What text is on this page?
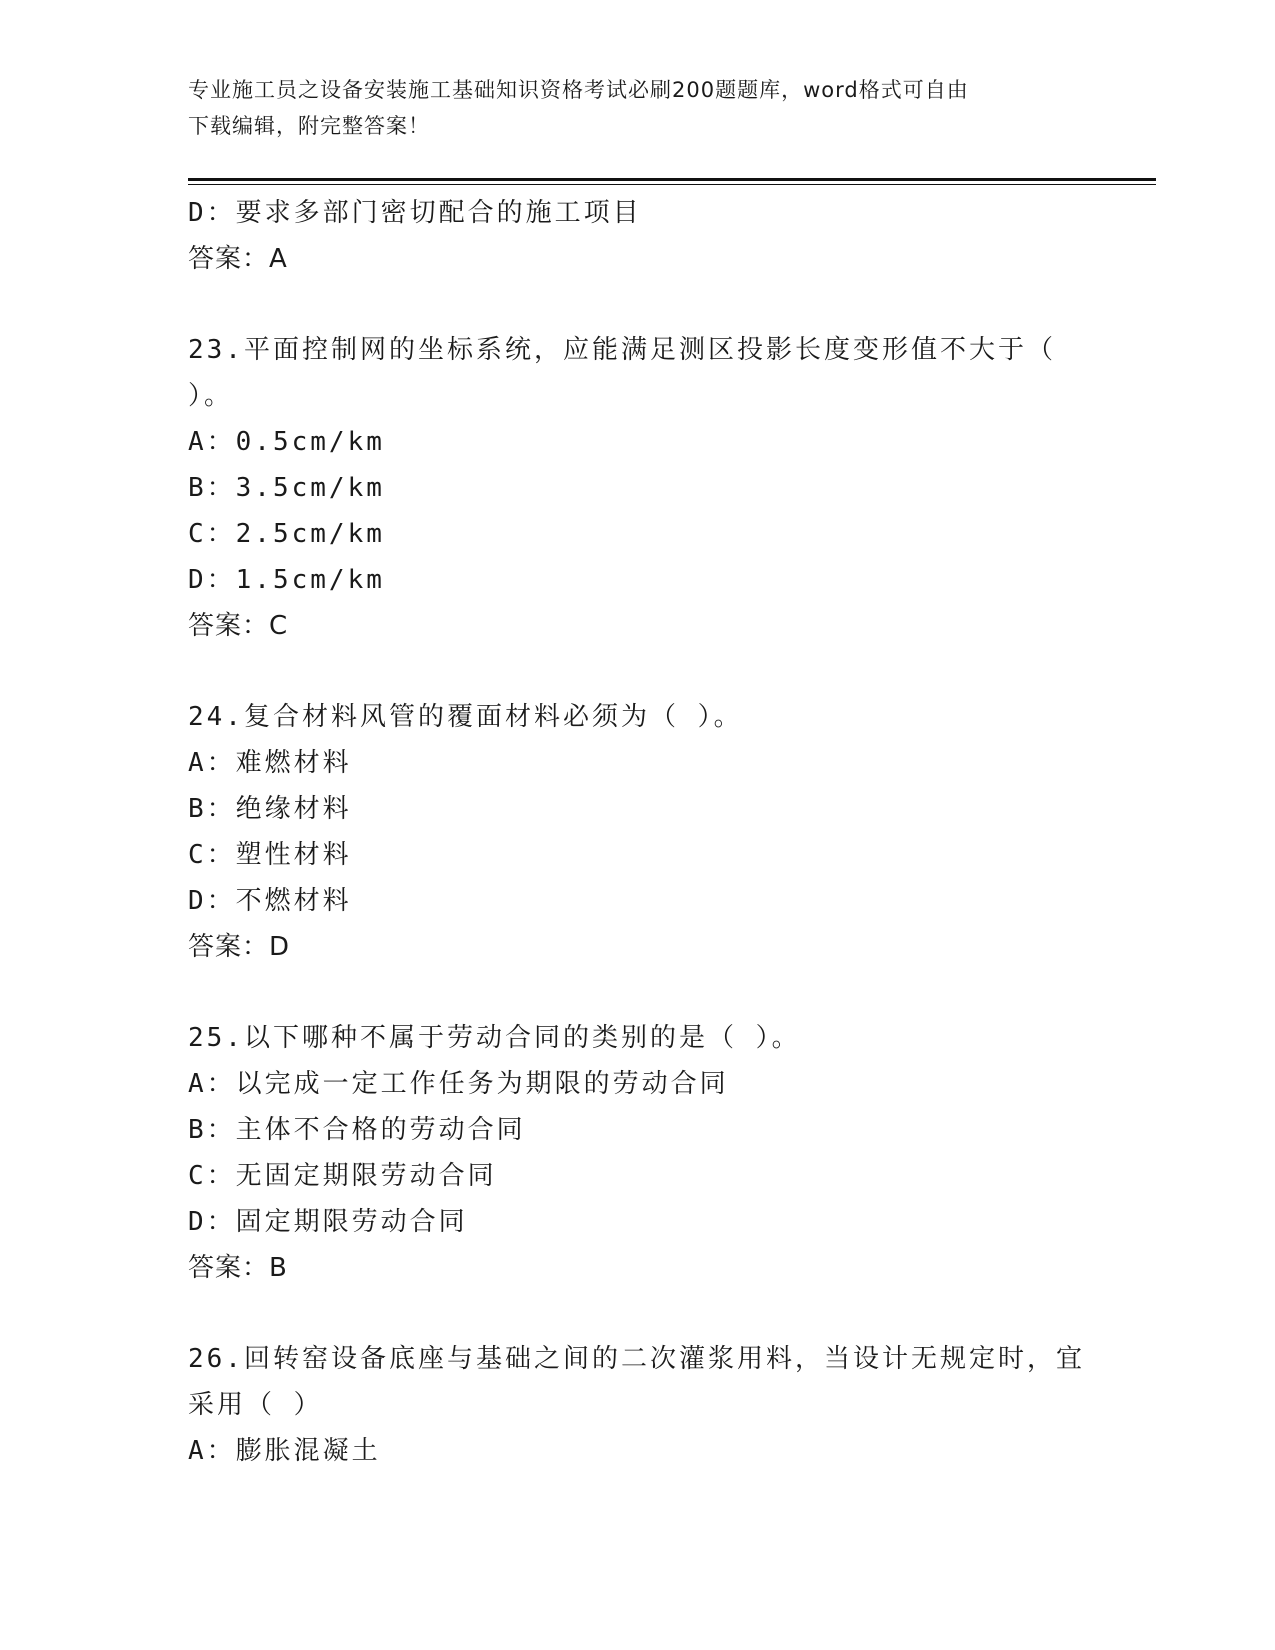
专业施工员之设备安装施工基础知识资格考试必刷200题题库，word格式可自由
下载编辑，附完整答案！
D：要求多部门密切配合的施工项目
答案：A
23.平面控制网的坐标系统，应能满足测区投影长度变形值不大于（
）。
A：0.5cm/km
B：3.5cm/km
C：2.5cm/km
D：1.5cm/km
答案：C
24.复合材料风管的覆面材料必须为（ ）。
A：难燃材料
B：绝缘材料
C：塑性材料
D：不燃材料
答案：D
25.以下哪种不属于劳动合同的类别的是（ ）。
A：以完成一定工作任务为期限的劳动合同
B：主体不合格的劳动合同
C：无固定期限劳动合同
D：固定期限劳动合同
答案：B
26.回转窑设备底座与基础之间的二次灌浆用料，当设计无规定时，宜
采用（ ）
A：膨胀混凝土
